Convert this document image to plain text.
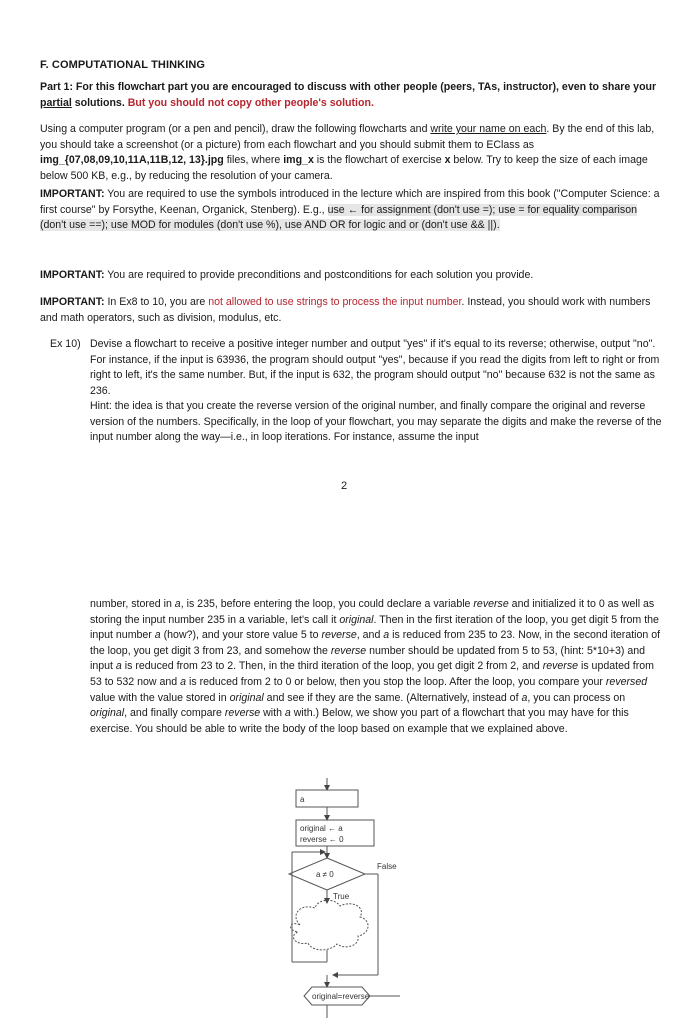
F. COMPUTATIONAL THINKING
Part 1: For this flowchart part you are encouraged to discuss with other people (peers, TAs, instructor), even to share your partial solutions. But you should not copy other people's solution.
Using a computer program (or a pen and pencil), draw the following flowcharts and write your name on each. By the end of this lab, you should take a screenshot (or a picture) from each flowchart and you should submit them to EClass as img_{07,08,09,10,11A,11B,12, 13}.jpg files, where img_x is the flowchart of exercise x below. Try to keep the size of each image below 500 KB, e.g., by reducing the resolution of your camera.
IMPORTANT: You are required to use the symbols introduced in the lecture which are inspired from this book ("Computer Science: a first course" by Forsythe, Keenan, Organick, Stenberg). E.g., use ← for assignment (don't use =); use = for equality comparison (don't use ==); use MOD for modules (don't use %), use AND OR for logic and or (don't use && ||).
IMPORTANT: You are required to provide preconditions and postconditions for each solution you provide.
IMPORTANT: In Ex8 to 10, you are not allowed to use strings to process the input number. Instead, you should work with numbers and math operators, such as division, modulus, etc.
Ex 10) Devise a flowchart to receive a positive integer number and output "yes" if it's equal to its reverse; otherwise, output "no". For instance, if the input is 63936, the program should output "yes", because if you read the digits from left to right or from right to left, it's the same number. But, if the input is 632, the program should output "no" because 632 is not the same as 236.
Hint: the idea is that you create the reverse version of the original number, and finally compare the original and reverse version of the numbers. Specifically, in the loop of your flowchart, you may separate the digits and make the reverse of the input number along the way—i.e., in loop iterations. For instance, assume the input
2
number, stored in a, is 235, before entering the loop, you could declare a variable reverse and initialized it to 0 as well as storing the input number 235 in a variable, let's call it original. Then in the first iteration of the loop, you get digit 5 from the input number a (how?), and your store value 5 to reverse, and a is reduced from 235 to 23. Now, in the second iteration of the loop, you get digit 3 from 23, and somehow the reverse number should be updated from 5 to 53, (hint: 5*10+3) and input a is reduced from 23 to 2. Then, in the third iteration of the loop, you get digit 2 from 2, and reverse is updated from 53 to 532 now and a is reduced from 2 to 0 or below, then you stop the loop. After the loop, you compare your reversed value with the value stored in original and see if they are the same. (Alternatively, instead of a, you can process on original, and finally compare reverse with a with.) Below, we show you part of a flowchart that you may have for this exercise. You should be able to write the body of the loop based on example that we explained above.
a
original ← a
reverse ← 0
a ≠ 0
False
True
original=reverse
